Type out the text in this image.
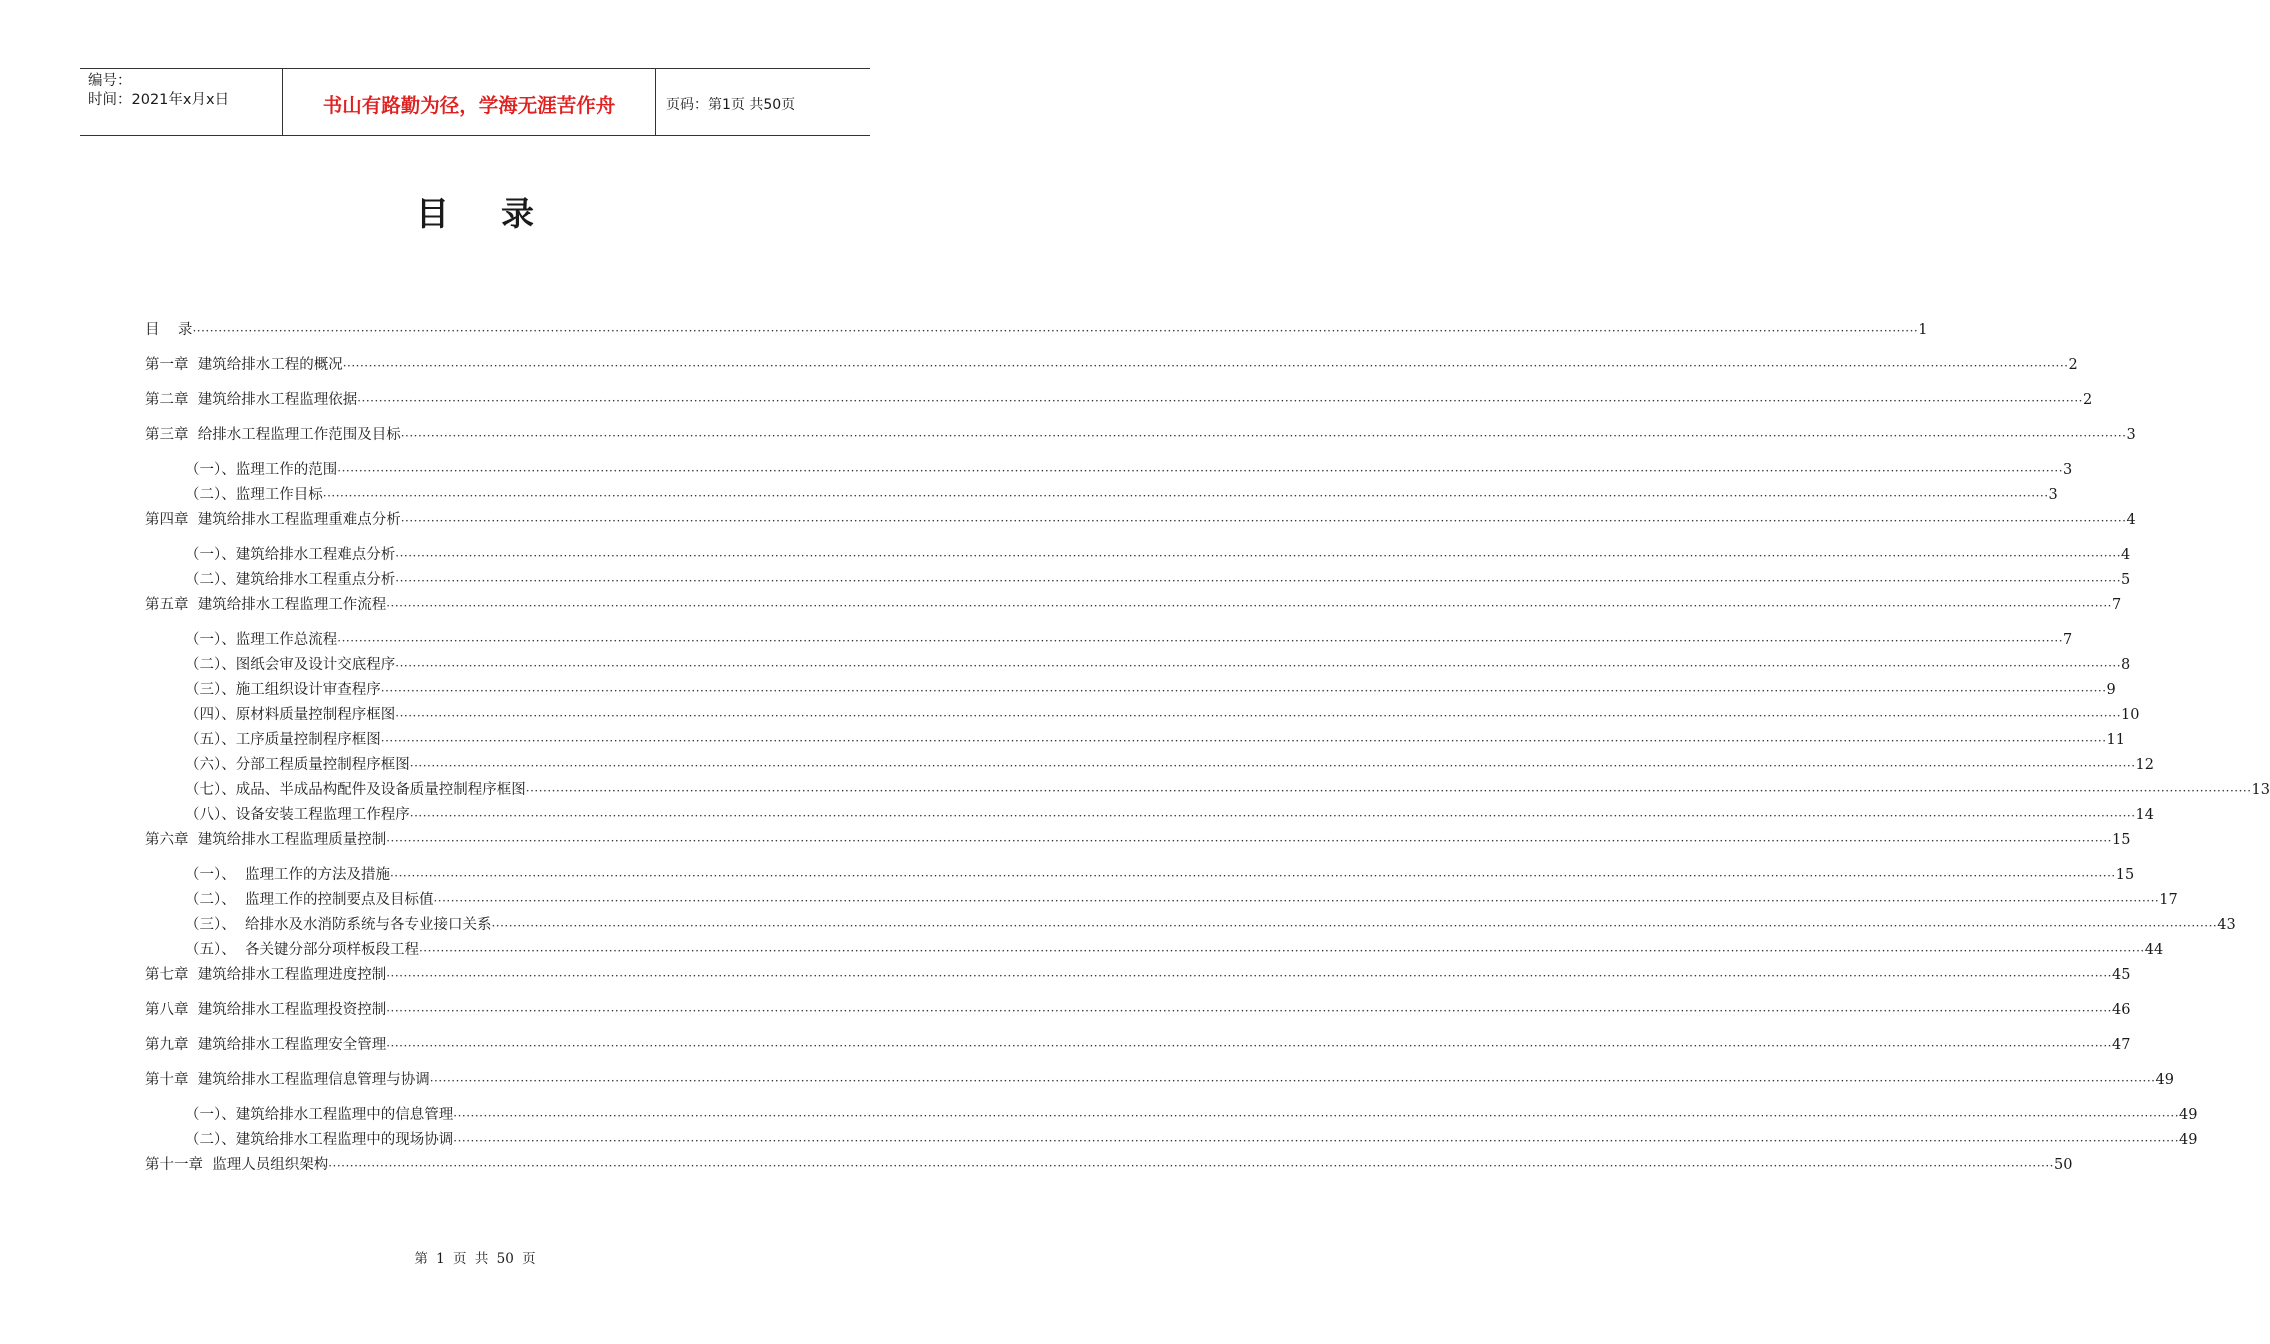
编号：
时间：2021年x月x日	书山有路勤为径，学海无涯苦作舟	页码：第1页 共50页
目录
目    录 ················································································································································································································································································································································································································ 1
第一章  建筑给排水工程的概况 ················································································································································································································································································································································································································ 2
第二章  建筑给排水工程监理依据 ················································································································································································································································································································································································································ 2
第三章  给排水工程监理工作范围及目标 ················································································································································································································································································································································································································ 3
（一）、监理工作的范围 ················································································································································································································································································································································································································ 3
（二）、监理工作目标 ················································································································································································································································································································································································································ 3
第四章  建筑给排水工程监理重难点分析 ················································································································································································································································································································································································································ 4
（一）、建筑给排水工程难点分析 ················································································································································································································································································································································································································ 4
（二）、建筑给排水工程重点分析 ················································································································································································································································································································································································································ 5
第五章  建筑给排水工程监理工作流程 ················································································································································································································································································································································································································ 7
（一）、监理工作总流程 ················································································································································································································································································································································································································ 7
（二）、图纸会审及设计交底程序 ················································································································································································································································································································································································································ 8
（三）、施工组织设计审查程序 ················································································································································································································································································································································································································ 9
（四）、原材料质量控制程序框图 ················································································································································································································································································································································································································ 10
（五）、工序质量控制程序框图 ················································································································································································································································································································································································································ 11
（六）、分部工程质量控制程序框图 ················································································································································································································································································································································································································ 12
（七）、成品、半成品构配件及设备质量控制程序框图 ················································································································································································································································································································································································································ 13
（八）、设备安装工程监理工作程序 ················································································································································································································································································································································································································ 14
第六章  建筑给排水工程监理质量控制 ················································································································································································································································································································································································································ 15
（一）、  监理工作的方法及措施 ················································································································································································································································································································································································································ 15
（二）、  监理工作的控制要点及目标值 ················································································································································································································································································································································································································ 17
（三）、  给排水及水消防系统与各专业接口关系 ················································································································································································································································································································································································································ 43
（五）、  各关键分部分项样板段工程 ················································································································································································································································································································································································································ 44
第七章  建筑给排水工程监理进度控制 ················································································································································································································································································································································································································ 45
第八章  建筑给排水工程监理投资控制 ················································································································································································································································································································································································································ 46
第九章  建筑给排水工程监理安全管理 ················································································································································································································································································································································································································ 47
第十章  建筑给排水工程监理信息管理与协调 ················································································································································································································································································································································································································ 49
（一）、建筑给排水工程监理中的信息管理 ················································································································································································································································································································································································································ 49
（二）、建筑给排水工程监理中的现场协调 ················································································································································································································································································································································································································ 49
第十一章  监理人员组织架构 ················································································································································································································································································································································································································ 50
第 1 页 共 50 页
